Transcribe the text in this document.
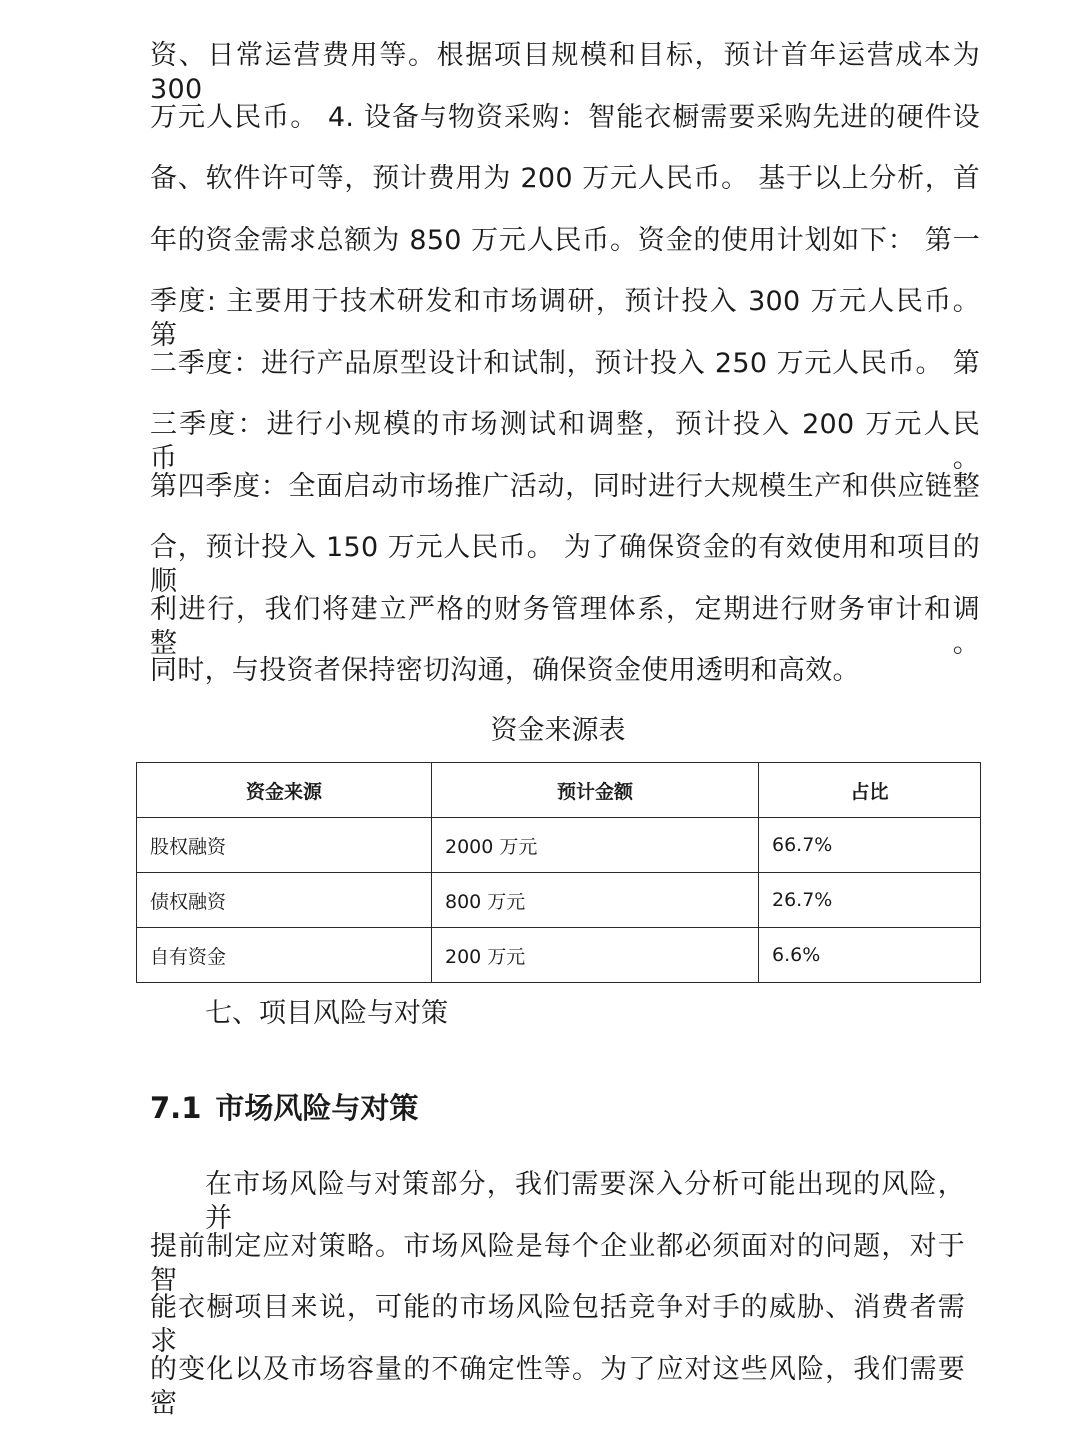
资、日常运营费用等。根据项目规模和目标，预计首年运营成本为 300
万元人民币。 4. 设备与物资采购：智能衣橱需要采购先进的硬件设
备、软件许可等，预计费用为 200 万元人民币。 基于以上分析，首
年的资金需求总额为 850 万元人民币。资金的使用计划如下： 第一
季度: 主要用于技术研发和市场调研，预计投入 300 万元人民币。 第
二季度：进行产品原型设计和试制，预计投入 250 万元人民币。 第
三季度：进行小规模的市场测试和调整，预计投入 200 万元人民币。
第四季度：全面启动市场推广活动，同时进行大规模生产和供应链整
合，预计投入 150 万元人民币。 为了确保资金的有效使用和项目的顺
利进行，我们将建立严格的财务管理体系，定期进行财务审计和调整。
同时，与投资者保持密切沟通，确保资金使用透明和高效。
资金来源表
资金来源	预计金额	占比
股权融资	2000 万元	66.7%
债权融资	800 万元	26.7%
自有资金	200 万元	6.6%
七、项目风险与对策
7.1 市场风险与对策
在市场风险与对策部分，我们需要深入分析可能出现的风险，并
提前制定应对策略。市场风险是每个企业都必须面对的问题，对于智
能衣橱项目来说，可能的市场风险包括竞争对手的威胁、消费者需求
的变化以及市场容量的不确定性等。为了应对这些风险，我们需要密
